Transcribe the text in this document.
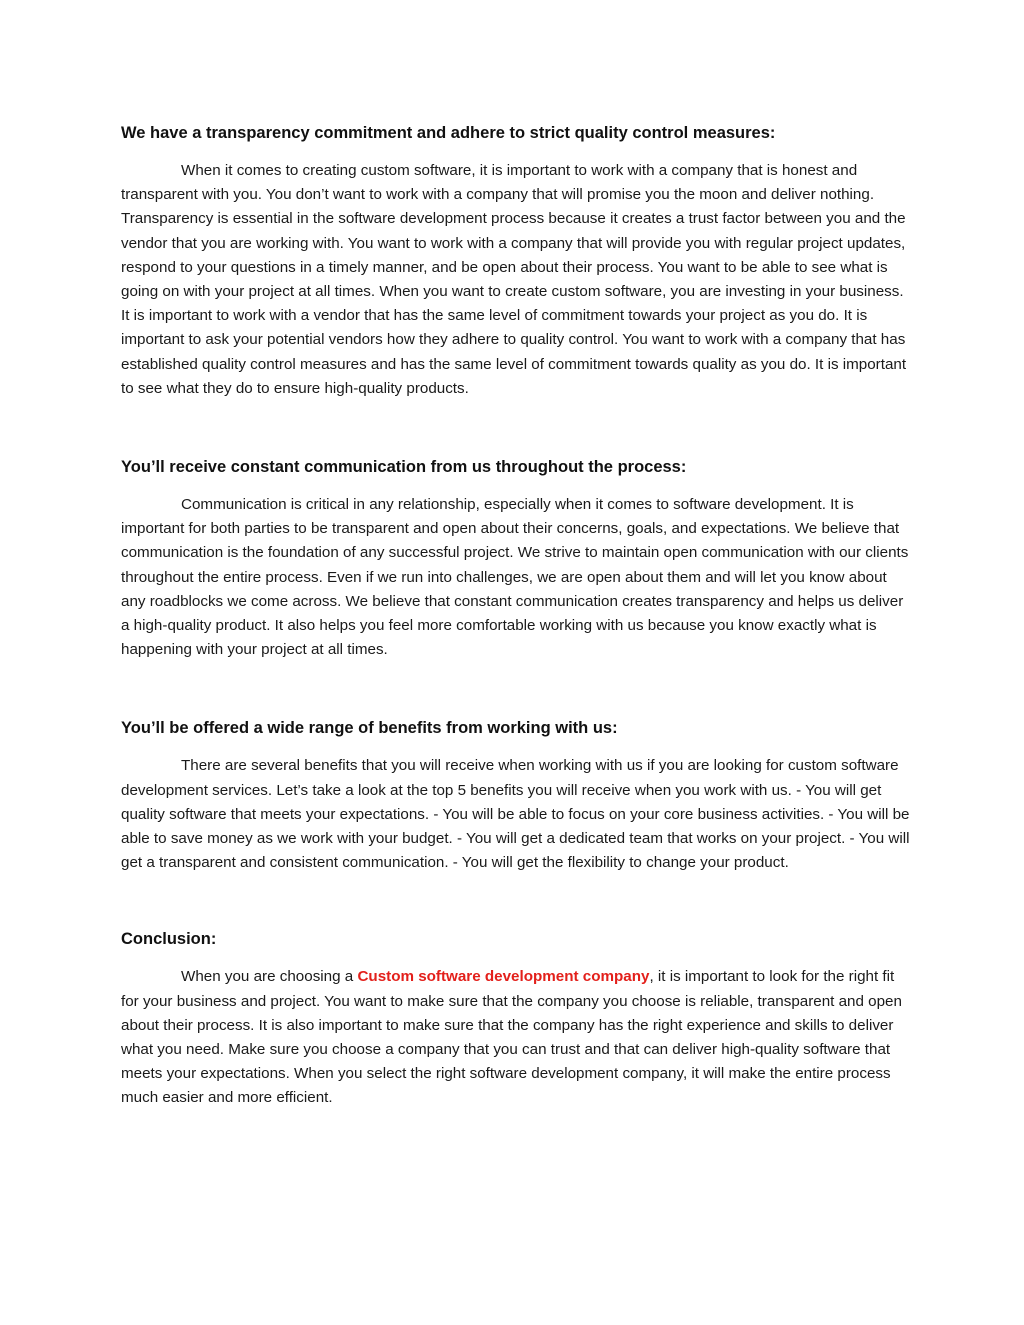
We have a transparency commitment and adhere to strict quality control measures:

When it comes to creating custom software, it is important to work with a company that is honest and transparent with you. You don’t want to work with a company that will promise you the moon and deliver nothing. Transparency is essential in the software development process because it creates a trust factor between you and the vendor that you are working with. You want to work with a company that will provide you with regular project updates, respond to your questions in a timely manner, and be open about their process. You want to be able to see what is going on with your project at all times. When you want to create custom software, you are investing in your business. It is important to work with a vendor that has the same level of commitment towards your project as you do. It is important to ask your potential vendors how they adhere to quality control. You want to work with a company that has established quality control measures and has the same level of commitment towards quality as you do. It is important to see what they do to ensure high-quality products.

You’ll receive constant communication from us throughout the process:

Communication is critical in any relationship, especially when it comes to software development. It is important for both parties to be transparent and open about their concerns, goals, and expectations. We believe that communication is the foundation of any successful project. We strive to maintain open communication with our clients throughout the entire process. Even if we run into challenges, we are open about them and will let you know about any roadblocks we come across. We believe that constant communication creates transparency and helps us deliver a high-quality product. It also helps you feel more comfortable working with us because you know exactly what is happening with your project at all times.

You’ll be offered a wide range of benefits from working with us:

There are several benefits that you will receive when working with us if you are looking for custom software development services. Let’s take a look at the top 5 benefits you will receive when you work with us. - You will get quality software that meets your expectations. - You will be able to focus on your core business activities. - You will be able to save money as we work with your budget. - You will get a dedicated team that works on your project. - You will get a transparent and consistent communication. - You will get the flexibility to change your product.

Conclusion:

When you are choosing a Custom software development company, it is important to look for the right fit for your business and project. You want to make sure that the company you choose is reliable, transparent and open about their process. It is also important to make sure that the company has the right experience and skills to deliver what you need. Make sure you choose a company that you can trust and that can deliver high-quality software that meets your expectations. When you select the right software development company, it will make the entire process much easier and more efficient.
